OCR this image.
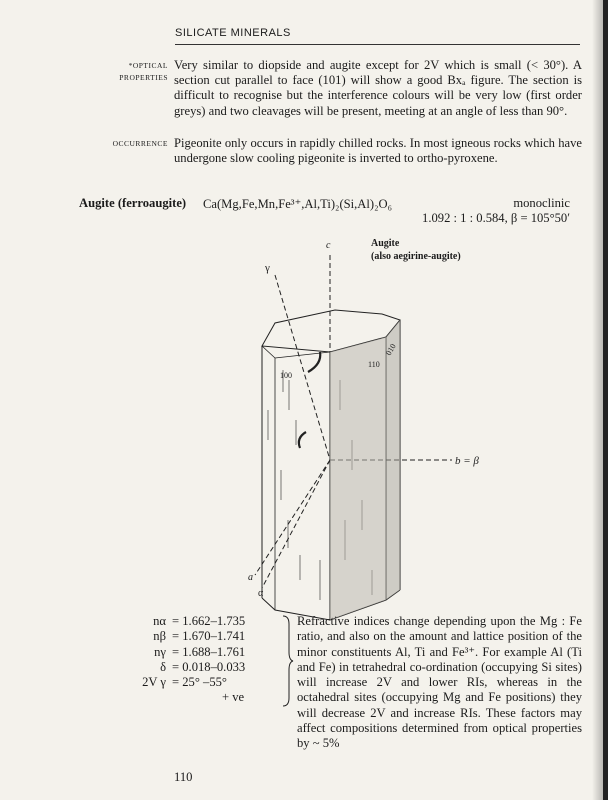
SILICATE MINERALS
*OPTICAL
PROPERTIES
Very similar to diopside and augite except for 2V which is small (< 30°). A section cut parallel to face (101) will show a good Bxₐ figure. The section is difficult to recognise but the interference colours will be very low (first order greys) and two cleavages will be present, meeting at an angle of less than 90°.
OCCURRENCE Pigeonite only occurs in rapidly chilled rocks. In most igneous rocks which have undergone slow cooling pigeonite is inverted to ortho-pyroxene.
Augite (ferroaugite) Ca(Mg,Fe,Mn,Fe³⁺,Al,Ti)₂(Si,Al)₂O₆	monoclinic
1.092 : 1 : 0.584, β = 105°50′
Augite
(also aegirine-augite)
c
γ
100
110
010
b = β
a
α
nα = 1.662–1.735
nβ = 1.670–1.741
nγ = 1.688–1.761
δ = 0.018–0.033
2V γ = 25° –55°
+ ve
Refractive indices change depending upon the Mg : Fe ratio, and also on the amount and lattice position of the minor constituents Al, Ti and Fe³⁺. For example Al (Ti and Fe) in tetrahedral co-ordination (occupying Si sites) will increase 2V and lower RIs, whereas in the octahedral sites (occupying Mg and Fe positions) they will decrease 2V and increase RIs. These factors may affect compositions determined from optical properties by ~ 5%
110
